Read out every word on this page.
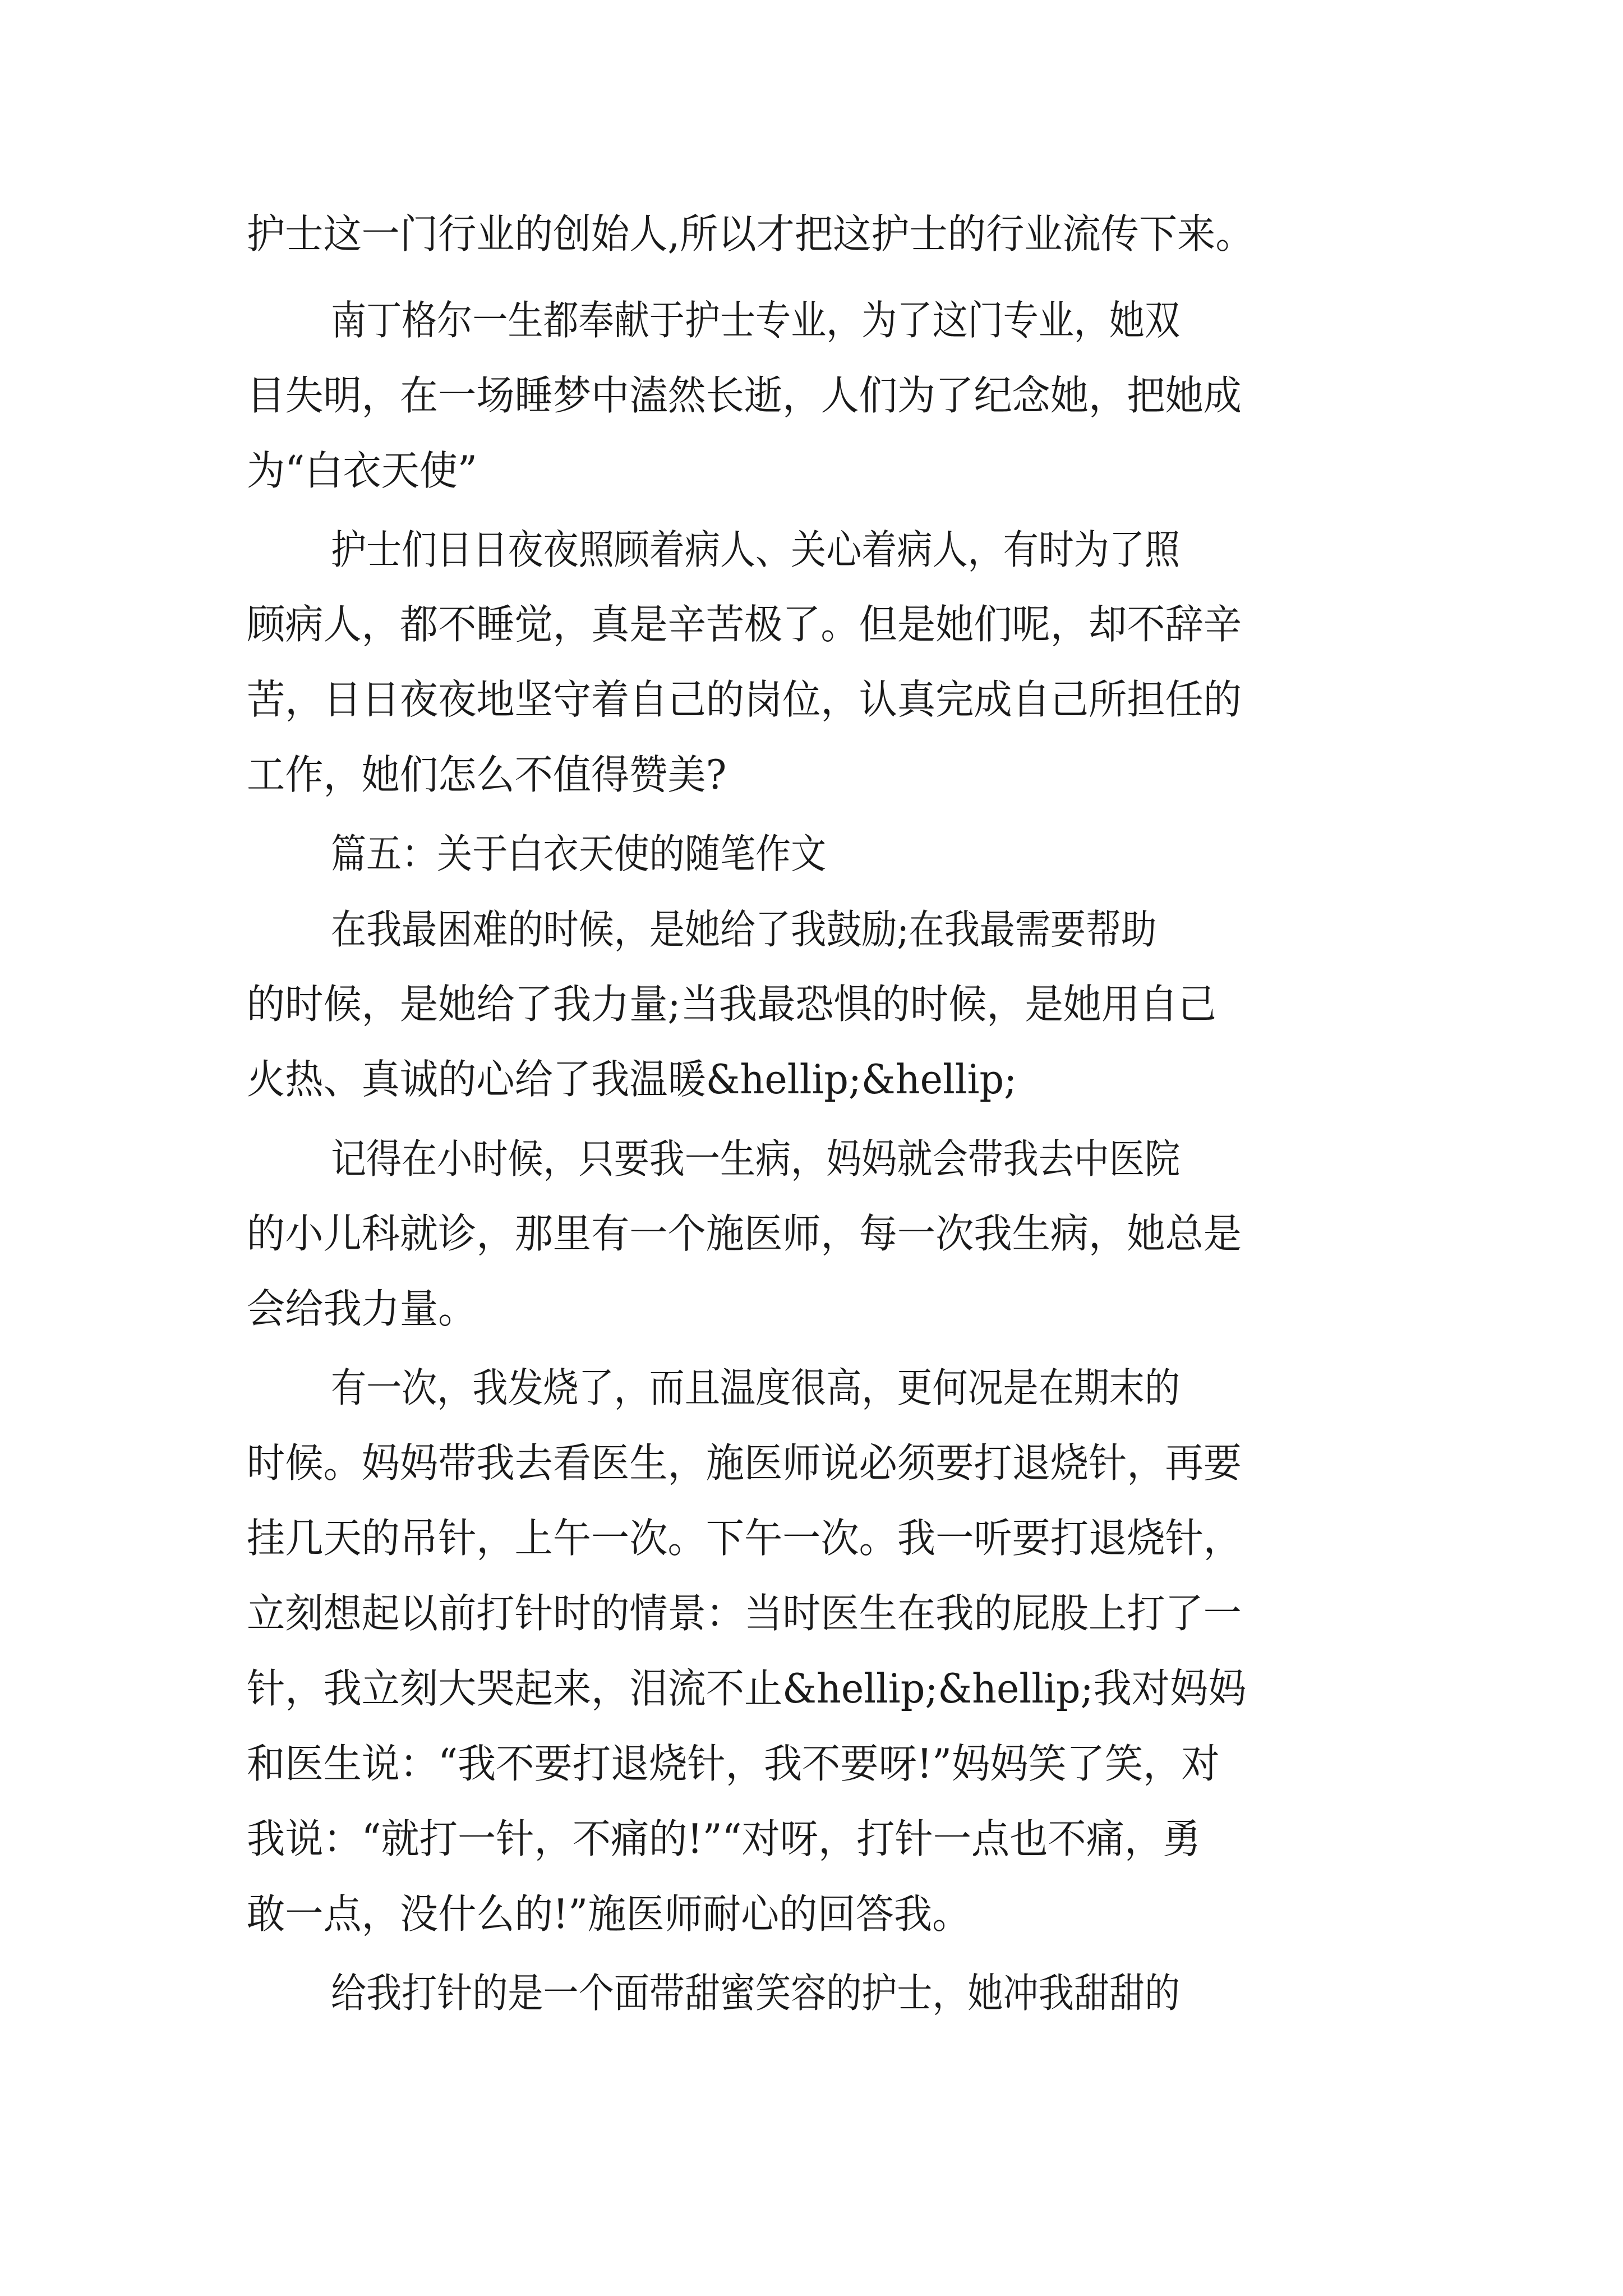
护士这一门行业的创始人,所以才把这护士的行业流传下来。
南丁格尔一生都奉献于护士专业，为了这门专业，她双
目失明，在一场睡梦中溘然长逝，人们为了纪念她，把她成
为“白衣天使”
护士们日日夜夜照顾着病人、关心着病人，有时为了照
顾病人，都不睡觉，真是辛苦极了。但是她们呢，却不辞辛
苦，日日夜夜地坚守着自己的岗位，认真完成自己所担任的
工作，她们怎么不值得赞美?
篇五：关于白衣天使的随笔作文
在我最困难的时候，是她给了我鼓励;在我最需要帮助
的时候，是她给了我力量;当我最恐惧的时候，是她用自己
火热、真诚的心给了我温暖&hellip;&hellip;
记得在小时候，只要我一生病，妈妈就会带我去中医院
的小儿科就诊，那里有一个施医师，每一次我生病，她总是
会给我力量。
有一次，我发烧了，而且温度很高，更何况是在期末的
时候。妈妈带我去看医生，施医师说必须要打退烧针，再要
挂几天的吊针，上午一次。下午一次。我一听要打退烧针，
立刻想起以前打针时的情景：当时医生在我的屁股上打了一
针，我立刻大哭起来，泪流不止&hellip;&hellip;我对妈妈
和医生说：“我不要打退烧针，我不要呀!”妈妈笑了笑，对
我说：“就打一针，不痛的!”“对呀，打针一点也不痛，勇
敢一点，没什么的!”施医师耐心的回答我。
给我打针的是一个面带甜蜜笑容的护士，她冲我甜甜的
